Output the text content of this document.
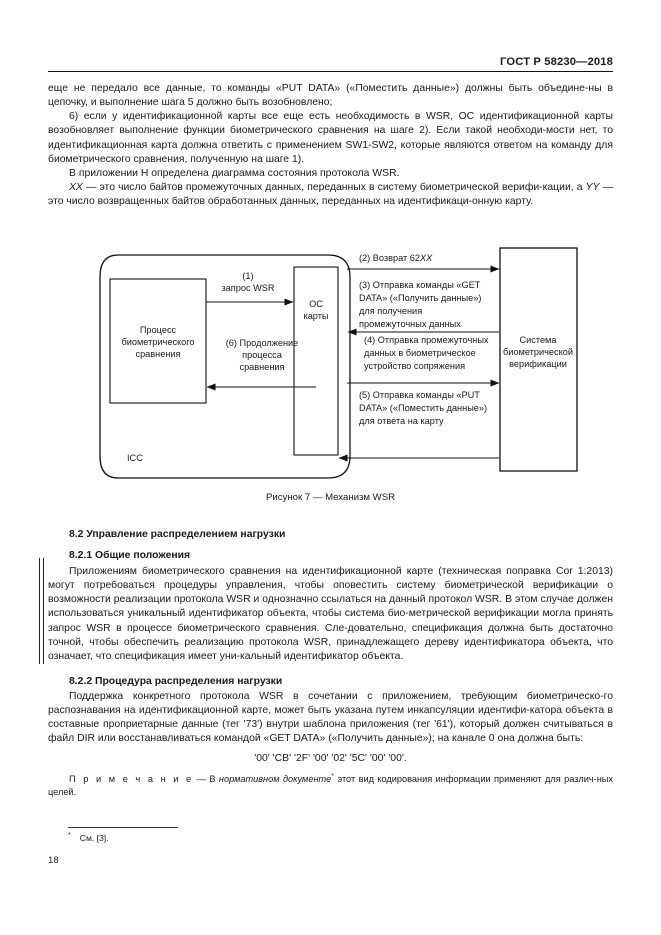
ГОСТ Р 58230—2018

еще не передало все данные, то команды «PUT DATA» («Поместить данные») должны быть объедине-ны в цепочку, и выполнение шага 5 должно быть возобновлено;

6) если у идентификационной карты все еще есть необходимость в WSR, ОС идентификационной карты возобновляет выполнение функции биометрического сравнения на шаге 2). Если такой необходи-мости нет, то идентификационная карта должна ответить с применением SW1-SW2, которые являются ответом на команду для биометрического сравнения, полученную на шаге 1).

В приложении Н определена диаграмма состояния протокола WSR.

XX — это число байтов промежуточных данных, переданных в систему биометрической верифи-кации, а YY — это число возвращенных байтов обработанных данных, переданных на идентификаци-онную карту.

ICC
Процесс
биометрического
сравнения
ОС
карты
Система
биометрической
верификации
(1)
запрос WSR
(6) Продолжение
процесса
сравнения
(2) Возврат 62XX
(3) Отправка команды «GET
DATA» («Получить данные»)
для получения
промежуточных данных
(4) Отправка промежуточных
данных в биометрическое
устройство сопряжения
(5) Отправка команды «PUT
DATA» («Поместить данные»)
для ответа на карту
Рисунок 7 — Механизм WSR
8.2 Управление распределением нагрузки
8.2.1 Общие положения

Приложениям биометрического сравнения на идентификационной карте (техническая поправка Cor 1:2013) могут потребоваться процедуры управления, чтобы оповестить систему биометрической верификации о возможности реализации протокола WSR и однозначно ссылаться на данный протокол WSR. В этом случае должен использоваться уникальный идентификатор объекта, чтобы система био-метрической верификации могла принять запрос WSR в процессе биометрического сравнения. Сле-довательно, спецификация должна быть достаточно точной, чтобы обеспечить реализацию протокола WSR, принадлежащего дереву идентификатора объекта, что означает, что спецификация имеет уни-кальный идентификатор объекта.

8.2.2 Процедура распределения нагрузки

Поддержка конкретного протокола WSR в сочетании с приложением, требующим биометрическо-го распознавания на идентификационной карте, может быть указана путем инкапсуляции идентифи-катора объекта в составные проприетарные данные (тег '73') внутри шаблона приложения (тег '61'), который должен считываться в файл DIR или восстанавливаться командой «GET DATA» («Получить данные»); на канале 0 она должна быть:

'00' 'CB' '2F' '00' '02' '5C' '00' '00'.

П р и м е ч а н и е — В нормативном документе* этот вид кодирования информации применяют для различ-ных целей.

* См. [3].
18
